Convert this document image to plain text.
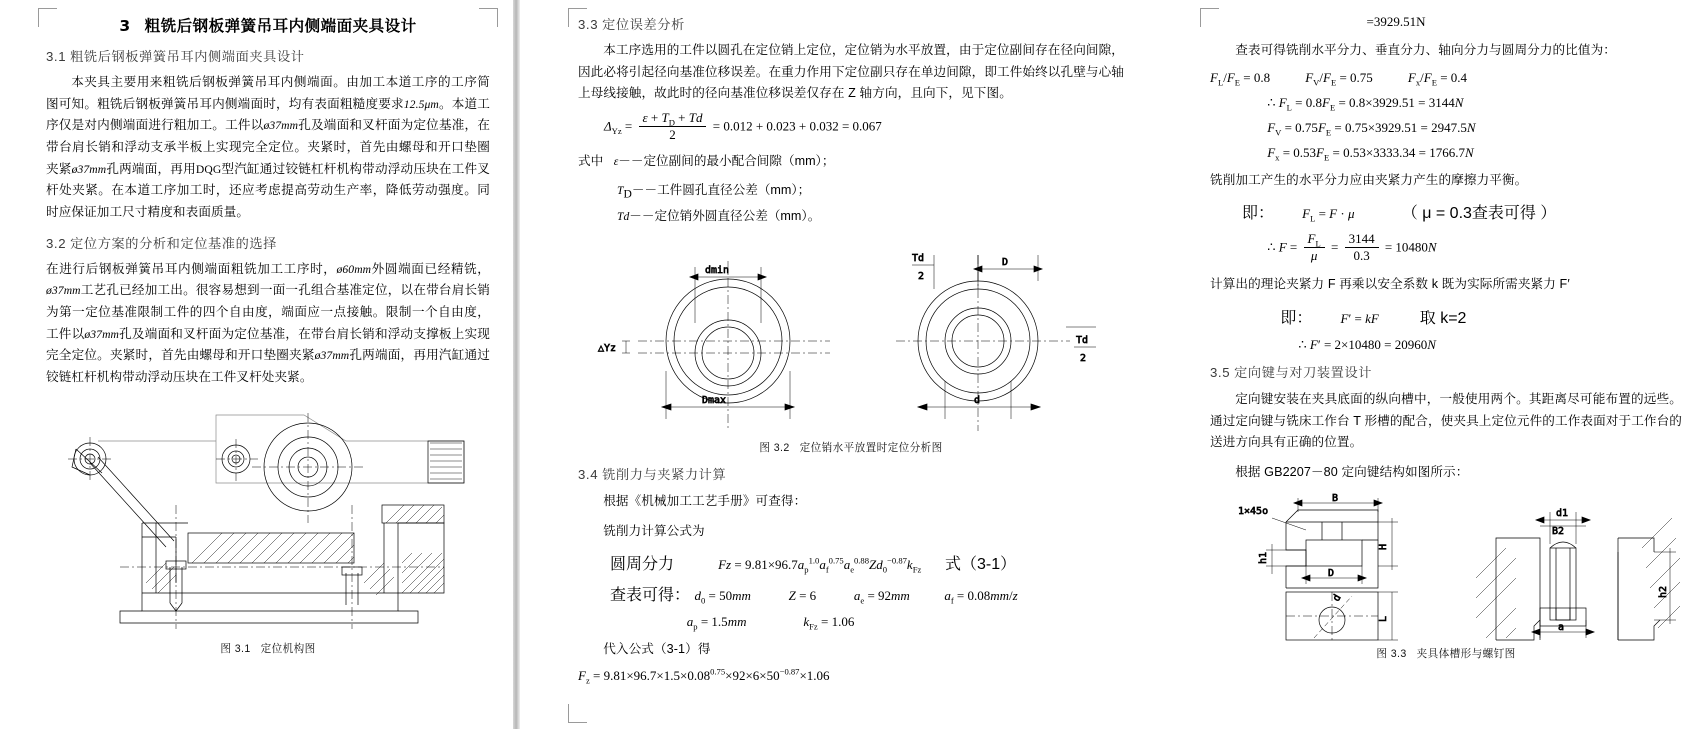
3 粗铣后钢板弹簧吊耳内侧端面夹具设计
3.1 粗铣后钢板弹簧吊耳内侧端面夹具设计

本夹具主要用来粗铣后钢板弹簧吊耳内侧端面。由加工本道工序的工序简图可知。粗铣后钢板弹簧吊耳内侧端面时，均有表面粗糙度要求12.5μm。本道工序仅是对内侧端面进行粗加工。工件以ø37mm孔及端面和叉杆面为定位基准，在带台肩长销和浮动支承半板上实现完全定位。夹紧时，首先由螺母和开口垫圈夹紧ø37mm孔两端面，再用DQG型汽缸通过铰链杠杆机构带动浮动压块在工件叉杆处夹紧。在本道工序加工时，还应考虑提高劳动生产率，降低劳动强度。同时应保证加工尺寸精度和表面质量。

3.2 定位方案的分析和定位基准的选择

在进行后钢板弹簧吊耳内侧端面粗铣加工工序时，ø60mm外圆端面已经精铣，ø37mm工艺孔已经加工出。很容易想到一面一孔组合基准定位，以在带台肩长销为第一定位基准限制工件的四个自由度，端面应一点接触。限制一个自由度，工件以ø37mm孔及端面和叉杆面为定位基准，在带台肩长销和浮动支撑板上实现完全定位。夹紧时，首先由螺母和开口垫圈夹紧ø37mm孔两端面，再用汽缸通过铰链杠杆机构带动浮动压块在工件叉杆处夹紧。

图 3.1 定位机构图
3.3 定位误差分析

本工序选用的工件以圆孔在定位销上定位，定位销为水平放置，由于定位副间存在径向间隙，因此必将引起径向基准位移误差。在重力作用下定位副只存在单边间隙，即工件始终以孔壁与心轴上母线接触，故此时的径向基准位移误差仅存在 Z 轴方向，且向下，见下图。

$\Delta_{Yz} = \frac{\varepsilon + T_D + Td}{2} = 0.012 + 0.023 + 0.032 = 0.067$
式中 ε－－定位副间的最小配合间隙（mm）；
$T_D--$工件圆孔直径公差（mm）；
Td－－定位销外圆直径公差（mm）。
dmin
Dmax
△Yz
Td
2
D
Td
2
d
图 3.2 定位销水平放置时定位分析图
3.4 铣削力与夹紧力计算

根据《机械加工工艺手册》可查得：

铣削力计算公式为

圆周分力	$Fz = 9.81\times 96.7a_p^{1.0}a_f^{0.75}a_e^{0.88}Zd_0^{-0.87}k_{Fz}$ 式（3-1）
查表可得： $d_0 = 50mm$	Z = 6	$a_e = 92mm$	$a_f = 0.08mm/z$
$a_p = 1.5mm$	$k_{Fz} = 1.06$

代入公式（3-1）得

$F_z = 9.81\times 96.7\times 1.5\times 0.08^{0.75}\times 92\times 6\times 50^{-0.87}\times 1.06$
=3929.51N

查表可得铣削水平分力、垂直分力、轴向分力与圆周分力的比值为：

$F_L/F_E = 0.8$  $F_V/F_E = 0.75$  $F_x/F_E = 0.4$
∴ $F_L = 0.8F_E = 0.8\times 3929.51 = 3144N$
$F_V = 0.75F_E = 0.75\times 3929.51 = 2947.5N$
$F_x = 0.53F_E = 0.53\times 3333.34 = 1766.7N$

铣削加工产生的水平分力应由夹紧力产生的摩擦力平衡。

即： $F_L = F \cdot \mu$	（ μ = 0.3查表可得 ）
∴ $F = \frac{F_L}{\mu} = \frac{3144}{0.3} = 10480N$

计算出的理论夹紧力 F 再乘以安全系数 k 既为实际所需夹紧力 F′

即： F′ = kF	取 k=2
∴ F′ = 2×10480 = 20960N
3.5 定向键与对刀装置设计

定向键安装在夹具底面的纵向槽中，一般使用两个。其距离尽可能布置的远些。通过定向键与铣床工作台 T 形槽的配合，使夹具上定位元件的工作表面对于工作台的送进方向具有正确的位置。

根据 GB2207－80 定向键结构如图所示：

1×45o
B
H
h1
D
d
L
d1
B2
a
h2
图 3.3 夹具体槽形与螺钉图
